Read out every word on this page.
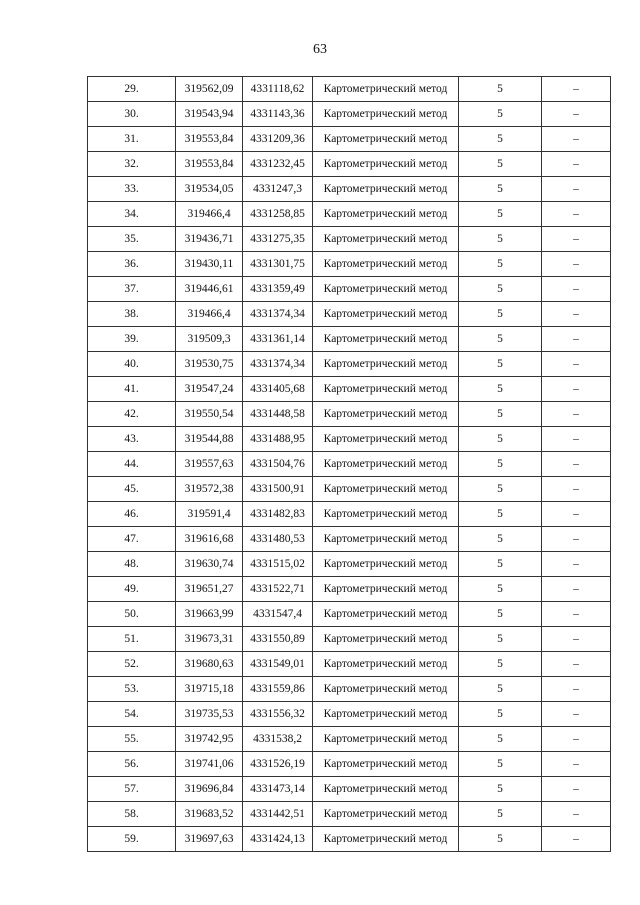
63
29.	319562,09	4331118,62	Картометрический метод	5	–
30.	319543,94	4331143,36	Картометрический метод	5	–
31.	319553,84	4331209,36	Картометрический метод	5	–
32.	319553,84	4331232,45	Картометрический метод	5	–
33.	319534,05	4331247,3	Картометрический метод	5	–
34.	319466,4	4331258,85	Картометрический метод	5	–
35.	319436,71	4331275,35	Картометрический метод	5	–
36.	319430,11	4331301,75	Картометрический метод	5	–
37.	319446,61	4331359,49	Картометрический метод	5	–
38.	319466,4	4331374,34	Картометрический метод	5	–
39.	319509,3	4331361,14	Картометрический метод	5	–
40.	319530,75	4331374,34	Картометрический метод	5	–
41.	319547,24	4331405,68	Картометрический метод	5	–
42.	319550,54	4331448,58	Картометрический метод	5	–
43.	319544,88	4331488,95	Картометрический метод	5	–
44.	319557,63	4331504,76	Картометрический метод	5	–
45.	319572,38	4331500,91	Картометрический метод	5	–
46.	319591,4	4331482,83	Картометрический метод	5	–
47.	319616,68	4331480,53	Картометрический метод	5	–
48.	319630,74	4331515,02	Картометрический метод	5	–
49.	319651,27	4331522,71	Картометрический метод	5	–
50.	319663,99	4331547,4	Картометрический метод	5	–
51.	319673,31	4331550,89	Картометрический метод	5	–
52.	319680,63	4331549,01	Картометрический метод	5	–
53.	319715,18	4331559,86	Картометрический метод	5	–
54.	319735,53	4331556,32	Картометрический метод	5	–
55.	319742,95	4331538,2	Картометрический метод	5	–
56.	319741,06	4331526,19	Картометрический метод	5	–
57.	319696,84	4331473,14	Картометрический метод	5	–
58.	319683,52	4331442,51	Картометрический метод	5	–
59.	319697,63	4331424,13	Картометрический метод	5	–
